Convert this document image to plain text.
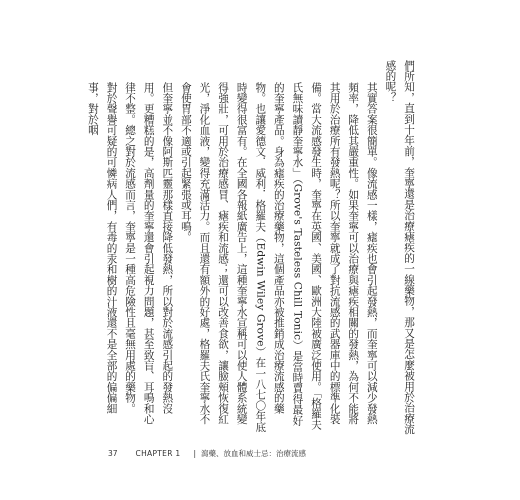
們所知，直到十年前，奎寧還是治療瘧疾的一線藥物，那又是怎麼被用於治療流感的呢？

其實答案很簡單。像流感一樣，瘧疾也會引起發熱，而奎寧可以減少發熱頻率，降低其嚴重性。如果奎寧可以治療與瘧疾相關的發熱，為何不能將其用於治療所有發熱呢？所以奎寧就成了對抗流感的武器庫中的標準化裝備。當大流感發生時，奎寧在英國、美國、歐洲大陸被廣泛使用。「格羅夫氏無味讀靜奎寧水」（Grove's Tasteless Chill Tonic）是當時賣得最好的奎寧產品。身為瘧疾的治療藥物，這個產品亦被推銷成治療流感的藥物。也讓愛德文．威利．格羅夫（Edwin Wiley Grove）在一八七〇年底時變得很富有。在全國各報紙廣告上，這種奎寧水宣稱可以使人體系統變得強壯，可用於治療感冒、瘧疾和流感；還可以改善食欲，讓臉頰恢復紅光，淨化血液，變得充滿活力。而且還有額外的好處，格羅夫氏奎寧水不會使胃部不適或引起緊張或耳鳴。

但奎寧並不像阿斯匹靈那樣直接降低發熱，所以對於流感引起的發熱沒用。更糟糕的是，高劑量的奎寧還會引起視力問題，甚至致盲、耳鳴和心律不整。總之對於流感而言，奎寧是一種高危險性且毫無用處的藥物。

對於聲譽可疑的可憐病人們，有毒的汞和樹的汁液還不是全部的偏偏細事，對於咽

37 CHAPTER 1 | 瀉藥、放血和威士忌：治療流感
